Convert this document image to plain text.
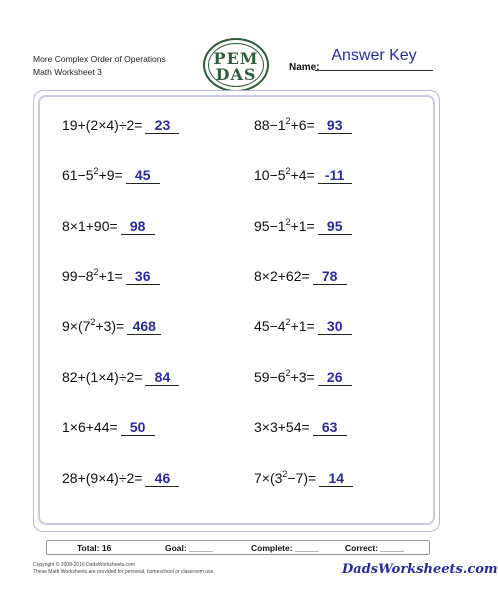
More Complex Order of Operations
Math Worksheet 3
PEM
DAS	Name:
Answer Key
19+(2×4)÷2= 23
$61-5^2+9= 45$
8×1+90= 98
$99-8^2+1= 36$
$9\times(7^2+3)= 468$
82+(1×4)÷2= 84
1×6+44= 50
28+(9×4)÷2= 46
$88-1^2+6= 93$
$10-5^2+4= -11$
$95-1^2+1= 95$
8×2+62= 78
$45-4^2+1= 30$
$59-6^2+3= 26$
3×3+54= 63
$7\times(3^2-7)= 14$
Total: 16	Goal: _____	Complete: _____	Correct: _____
Copyright © 2008-2016 DadsWorksheets.com
These Math Worksheets are provided for personal, homeschool or classroom use.	DadsWorksheets.com
